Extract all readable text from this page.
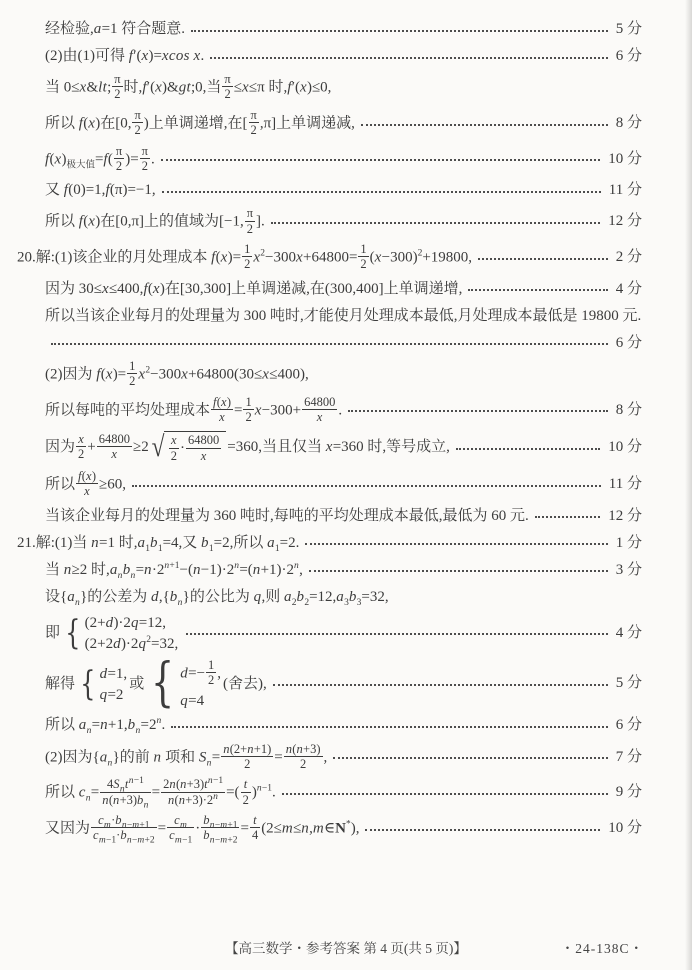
经检验,a=1 符合题意.	5 分
(2)由(1)可得 f′(x)=xcos x.	6 分
当 0≤x&lt; $\frac{\pi}{2}$ 时,f′(x)&gt;0,当 $\frac{\pi}{2} \le x\le\pi$ 时,f′(x)≤0,
所以 f(x)在[0, $\frac{\pi}{2}$ )上单调递增,在[ $\frac{\pi}{2} ,\pi$]上单调递减,	8 分
$f(x)_{极大值}=f( \frac{\pi}{2}$ )= $\frac{\pi}{2}$ .	10 分
又 f(0)=1,f(π)=−1,	11 分
所以 f(x)在[0,π]上的值域为[−1, $\frac{\pi}{2}$ ].	12 分
20.解:(1)该企业的月处理成本 $f(x)= \frac{1}{2} x^2-300x+64800= \frac{1}{2} (x-300)^2+19800$,	2 分
因为 30≤x≤400,f(x)在[30,300]上单调递减,在(300,400]上单调递增,	4 分
所以当该企业每月的处理量为 300 吨时,才能使月处理成本最低,月处理成本最低是 19800 元.
6 分
(2)因为 $f(x)= \frac{1}{2} x^2-300x+64800(30\le x\le 400)$,
所以每吨的平均处理成本 $\frac{f(x)}{x} = \frac{1}{2} x-300+ \frac{64800}{x}$ .	8 分
因为 $\frac{x}{2} + \frac{64800}{x} \ge 2$ √ $\frac{x}{2} \cdot \frac{64800}{x} =360$,当且仅当 x=360 时,等号成立,	10 分
所以 $\frac{f(x)}{x} \ge 60$,	11 分
当该企业每月的处理量为 360 吨时,每吨的平均处理成本最低,最低为 60 元.	12 分
21.解:(1)当 n=1 时$,a_1b_1=4$,又 $b_1=2$,所以 $a_1=2$.	1 分
当 n≥2 时$,a_nb_n=n\cdot 2^{n+1}-(n-1)\cdot 2^n=(n+1)\cdot 2^n$,	3 分
设$\{a_n\}$的公差为 $d,\{b_n\}$的公比为 q,则 $a_2b_2=12,a_3b_3=32$,
即 { (2+d)·2q=12,
$(2+2d)\cdot 2q^2=32$,
4 分
解得 { d=1,
q=2
或 { $d=- \frac{1}{2}$ ,
q=4
(舍去),	5 分
所以 $a_n=n+1,b_n=2^n$.	6 分
(2)因为$\{a_n\}$的前 n 项和 $S_n= \frac{n(2+n+1)}{2} = \frac{n(n+3)}{2}$ ,	7 分
所以 $c_n= \frac{4S_nt^{n-1}}{n(n+3)b_n} = \frac{2n(n+3)t^{n-1}}{n(n+3)\cdot 2^n}$ =( $\frac{t}{2} )^{n-1}$.	9 分
又因为 $\frac{c_m\cdot b_{n-m+1}}{c_{m-1}\cdot b_{n-m+2}} = \frac{c_m}{c_{m-1}} \cdot \frac{b_{n-m+1}}{b_{n-m+2}} = \frac{t}{4}$ (2≤m≤n,m∈N*),	10 分
【高三数学・参考答案 第 4 页(共 5 页)】	・24-138C・
